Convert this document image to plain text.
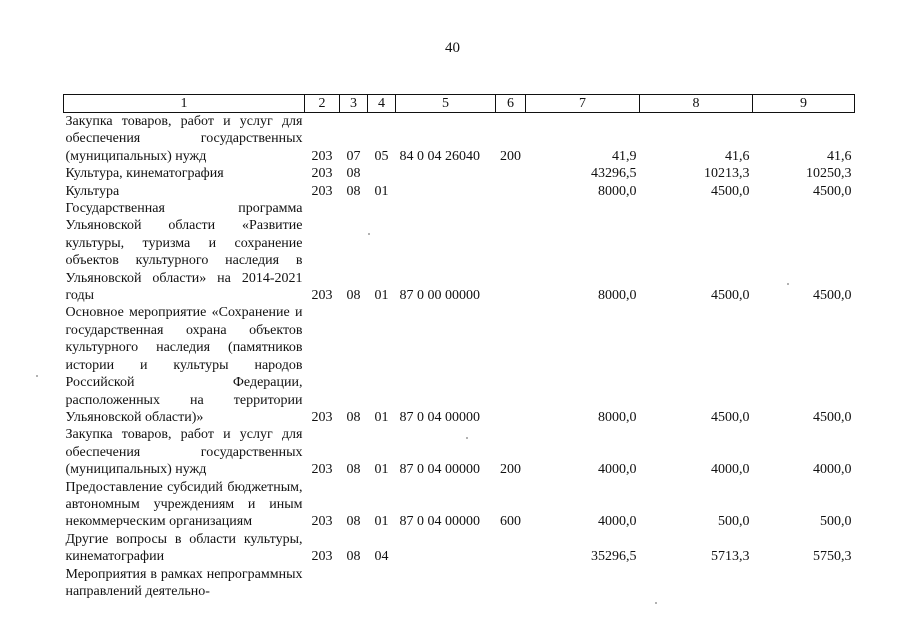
40
1	2	3	4	5	6	7	8	9
Закупка товаров, работ и услуг для обеспечения государственных (муниципальных) нужд	203	07	05	84 0 04 26040	200	41,9	41,6	41,6
Культура, кинематография	203	08				43296,5	10213,3	10250,3
Культура	203	08	01			8000,0	4500,0	4500,0
Государственная программа Ульяновской области «Развитие культуры, туризма и сохранение объектов культурного наследия в Ульяновской области» на 2014-2021 годы	203	08	01	87 0 00 00000		8000,0	4500,0	4500,0
Основное мероприятие «Сохранение и государственная охрана объектов культурного наследия (памятников истории и культуры народов Российской Федерации, расположенных на территории Ульяновской области)»	203	08	01	87 0 04 00000		8000,0	4500,0	4500,0
Закупка товаров, работ и услуг для обеспечения государственных (муниципальных) нужд	203	08	01	87 0 04 00000	200	4000,0	4000,0	4000,0
Предоставление субсидий бюджетным, автономным учреждениям и иным некоммерческим организациям	203	08	01	87 0 04 00000	600	4000,0	500,0	500,0
Другие вопросы в области культуры, кинематографии	203	08	04			35296,5	5713,3	5750,3
Мероприятия в рамках непрограммных направлений деятельно-								
